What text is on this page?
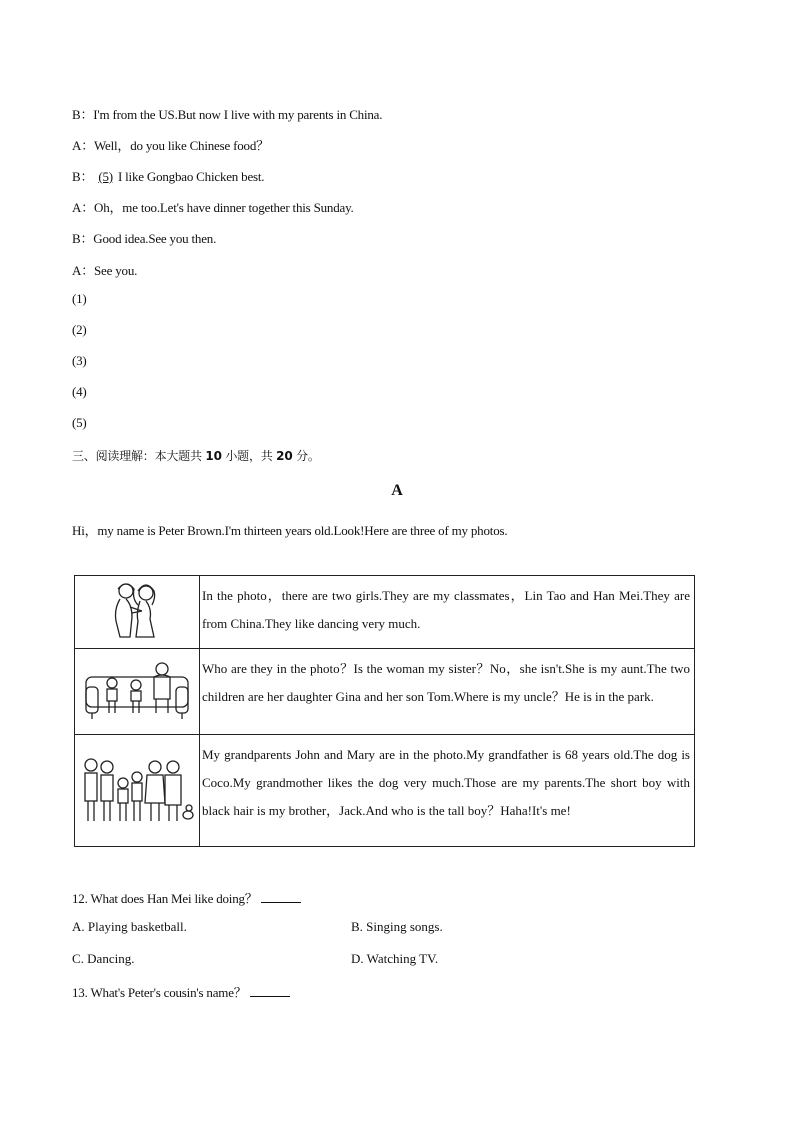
B：I'm from the US.But now I live with my parents in China.
A：Well，do you like Chinese food？
B： (5) I like Gongbao Chicken best.
A：Oh，me too.Let's have dinner together this Sunday.
B：Good idea.See you then.
A：See you.
(1)
(2)
(3)
(4)
(5)
三、阅读理解：本大题共 10 小题，共 20 分。
A
Hi，my name is Peter Brown.I'm thirteen years old.Look!Here are three of my photos.
	In the photo，there are two girls.They are my classmates，Lin Tao and Han Mei.They are from China.They like dancing very much.
	Who are they in the photo？Is the woman my sister？No，she isn't.She is my aunt.The two children are her daughter Gina and her son Tom.Where is my uncle？He is in the park.
	My grandparents John and Mary are in the photo.My grandfather is 68 years old.The dog is Coco.My grandmother likes the dog very much.Those are my parents.The short boy with black hair is my brother，Jack.And who is the tall boy？Haha!It's me!
12. What does Han Mei like doing？
A. Playing basketball.	B. Singing songs.
C. Dancing.	D. Watching TV.
13. What's Peter's cousin's name？
